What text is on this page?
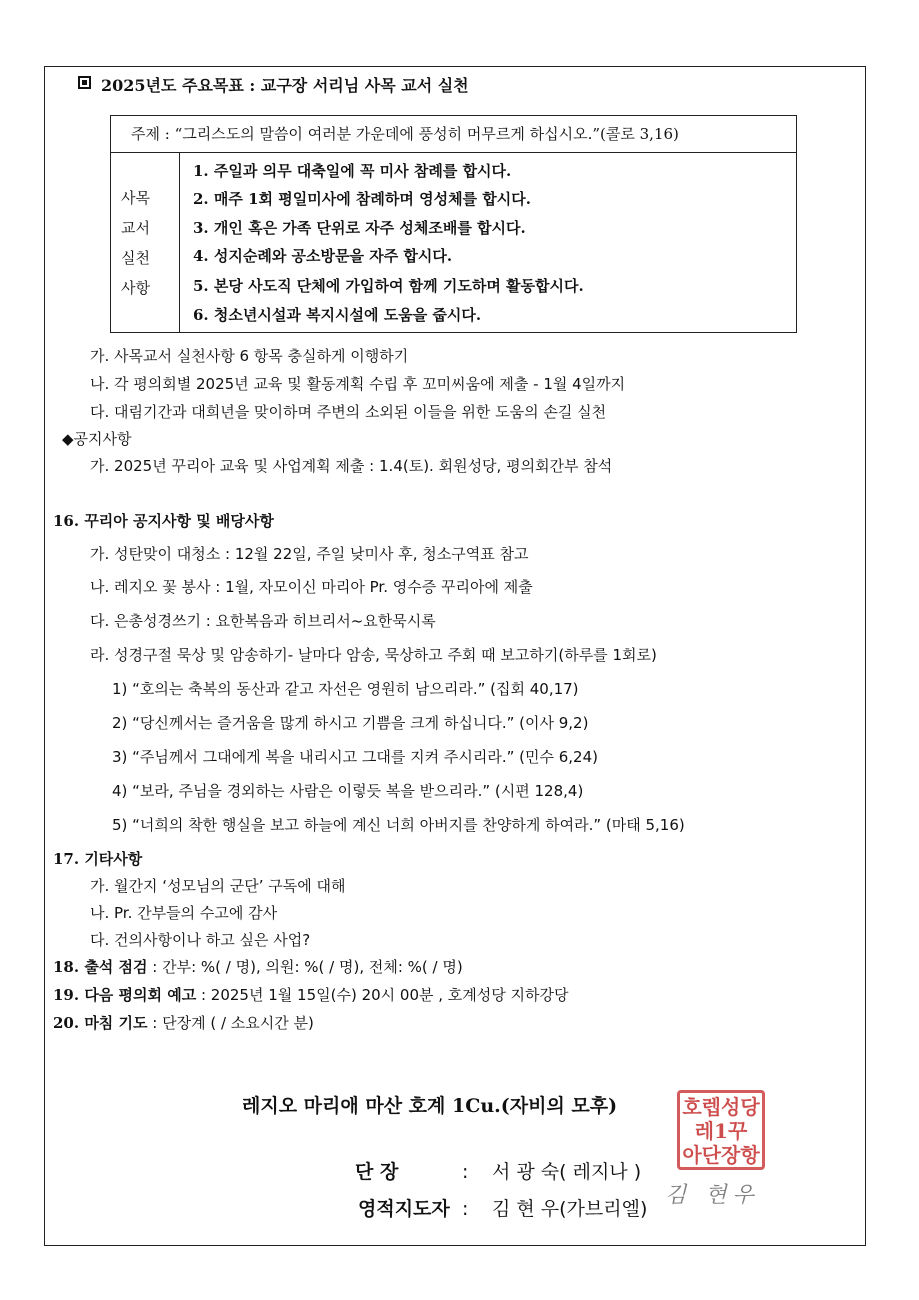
2025년도 주요목표 : 교구장 서리님 사목 교서 실천
주제 : “그리스도의 말씀이 여러분 가운데에 풍성히 머무르게 하십시오.”(콜로 3,16)
사목
교서
실천
사항
1. 주일과 의무 대축일에 꼭 미사 참례를 합시다.
2. 매주 1회 평일미사에 참례하며 영성체를 합시다.
3. 개인 혹은 가족 단위로 자주 성체조배를 합시다.
4. 성지순례와 공소방문을 자주 합시다.
5. 본당 사도직 단체에 가입하여 함께 기도하며 활동합시다.
6. 청소년시설과 복지시설에 도움을 줍시다.
가. 사목교서 실천사항 6 항목 충실하게 이행하기
나. 각 평의회별 2025년 교육 및 활동계획 수립 후 꼬미씨움에 제출 - 1월 4일까지
다. 대림기간과 대희년을 맞이하며 주변의 소외된 이들을 위한 도움의 손길 실천
◆공지사항
가. 2025년 꾸리아 교육 및 사업계획 제출 : 1.4(토). 회원성당, 평의회간부 참석
16. 꾸리아 공지사항 및 배당사항
가. 성탄맞이 대청소 : 12월 22일, 주일 낮미사 후, 청소구역표 참고
나. 레지오 꽃 봉사 : 1월, 자모이신 마리아 Pr. 영수증 꾸리아에 제출
다. 은총성경쓰기 : 요한복음과 히브리서~요한묵시록
라. 성경구절 묵상 및 암송하기- 날마다 암송, 묵상하고 주회 때 보고하기(하루를 1회로)
1) “호의는 축복의 동산과 같고 자선은 영원히 남으리라.” (집회 40,17)
2) “당신께서는 즐거움을 많게 하시고 기쁨을 크게 하십니다.” (이사 9,2)
3) “주님께서 그대에게 복을 내리시고 그대를 지켜 주시리라.” (민수 6,24)
4) “보라, 주님을 경외하는 사람은 이렇듯 복을 받으리라.” (시편 128,4)
5) “너희의 착한 행실을 보고 하늘에 계신 너희 아버지를 찬양하게 하여라.” (마태 5,16)
17. 기타사항
가. 월간지 ‘성모님의 군단’ 구독에 대해
나. Pr. 간부들의 수고에 감사
다. 건의사항이나 하고 싶은 사업?
18. 출석 점검 : 간부: %( / 명), 의원: %( / 명), 전체: %( / 명)
19. 다음 평의회 예고 : 2025년 1월 15일(수) 20시 00분 , 호계성당 지하강당
20. 마침 기도 : 단장계 ( / 소요시간 분)
레지오 마리애 마산 호계 1Cu.(자비의 모후)
단 장	: 서 광 숙( 레지나 )
영적지도자 : 김 현 우(가브리엘)
호렙성당
레1꾸
아단장항
김 현우
